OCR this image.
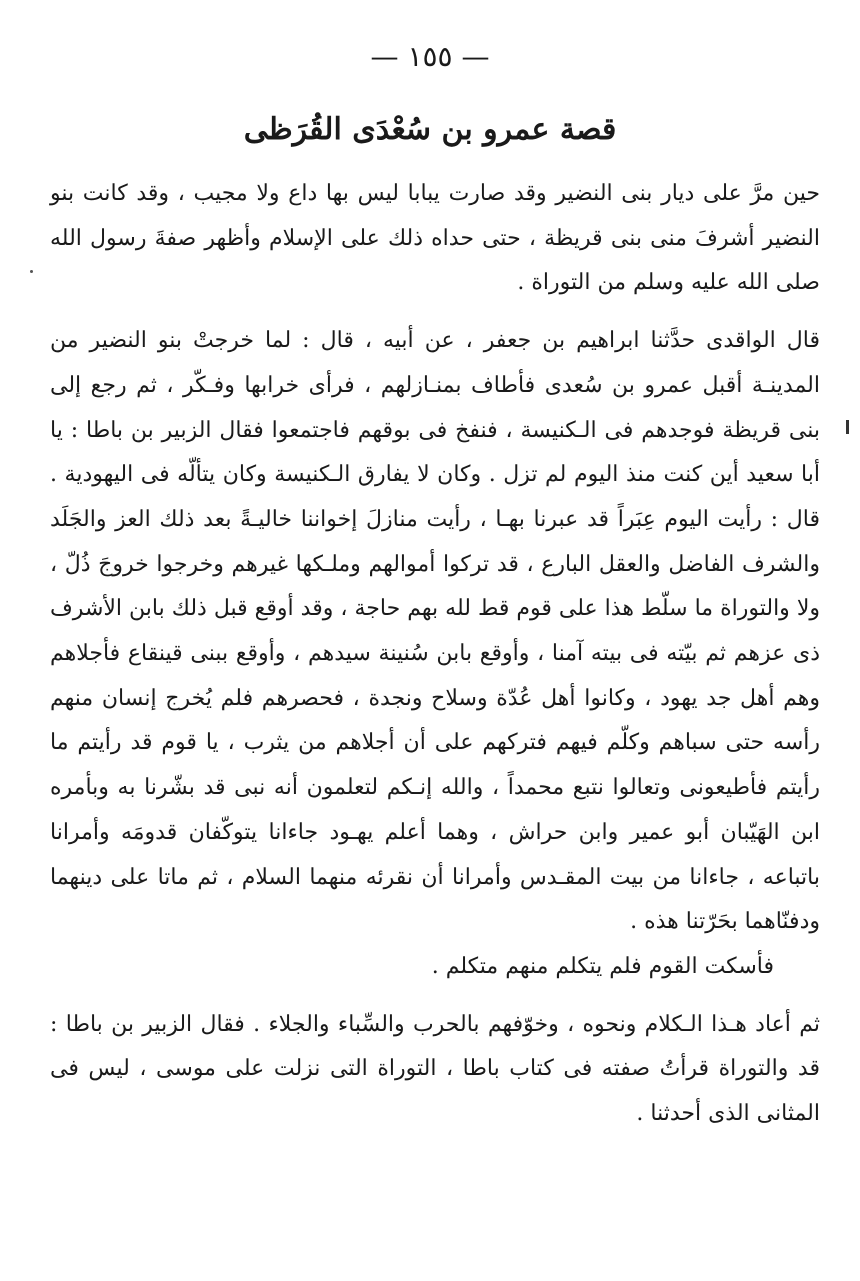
— ١٥٥ —
قصة عمرو بن سُعْدَى القُرَظى

حين مرَّ على ديار بنى النضير وقد صارت يبابا ليس بها داع ولا مجيب ، وقد كانت بنو النضير أشرفَ منى بنى قريظة ، حتى حداه ذلك على الإسلام وأظهر صفةَ رسول الله صلى الله عليه وسلم من التوراة .

قال الواقدى حدَّثنا ابراهيم بن جعفر ، عن أبيه ، قال : لما خرجتْ بنو النضير من المدينـة أقبل عمرو بن سُعدى فأطاف بمنـازلهم ، فرأى خرابها وفـكّر ، ثم رجع إلى بنى قريظة فوجدهم فى الـكنيسة ، فنفخ فى بوقهم فاجتمعوا فقال الزبير بن باطا : يا أبا سعيد أين كنت منذ اليوم لم تزل . وكان لا يفارق الـكنيسة وكان يتألّه فى اليهودية . قال : رأيت اليوم عِبَراً قد عبرنا بهـا ، رأيت منازلَ إخواننا خاليـةً بعد ذلك العز والجَلَد والشرف الفاضل والعقل البارع ، قد تركوا أموالهم وملـكها غيرهم وخرجوا خروجَ ذُلّ ، ولا والتوراة ما سلّط هذا على قوم قط لله بهم حاجة ، وقد أوقع قبل ذلك بابن الأشرف ذى عزهم ثم بيّته فى بيته آمنا ، وأوقع بابن سُنينة سيدهم ، وأوقع ببنى قينقاع فأجلاهم وهم أهل جد يهود ، وكانوا أهل عُدّة وسلاح ونجدة ، فحصرهم فلم يُخرج إنسان منهم رأسه حتى سباهم وكلّم فيهم فتركهم على أن أجلاهم من يثرب ، يا قوم قد رأيتم ما رأيتم فأطيعونى وتعالوا نتبع محمداً ، والله إنـكم لتعلمون أنه نبى قد بشّرنا به وبأمره ابن الهَيّبان أبو عمير وابن حراش ، وهما أعلم يهـود جاءانا يتوكّفان قدومَه وأمرانا باتباعه ، جاءانا من بيت المقـدس وأمرانا أن نقرئه منهما السلام ، ثم ماتا على دينهما ودفنّاهما بحَرّتنا هذه .

فأسكت القوم فلم يتكلم منهم متكلم .

ثم أعاد هـذا الـكلام ونحوه ، وخوّفهم بالحرب والسِّباء والجلاء . فقال الزبير بن باطا : قد والتوراة قرأتُ صفته فى كتاب باطا ، التوراة التى نزلت على موسى ، ليس فى المثانى الذى أحدثنا .
